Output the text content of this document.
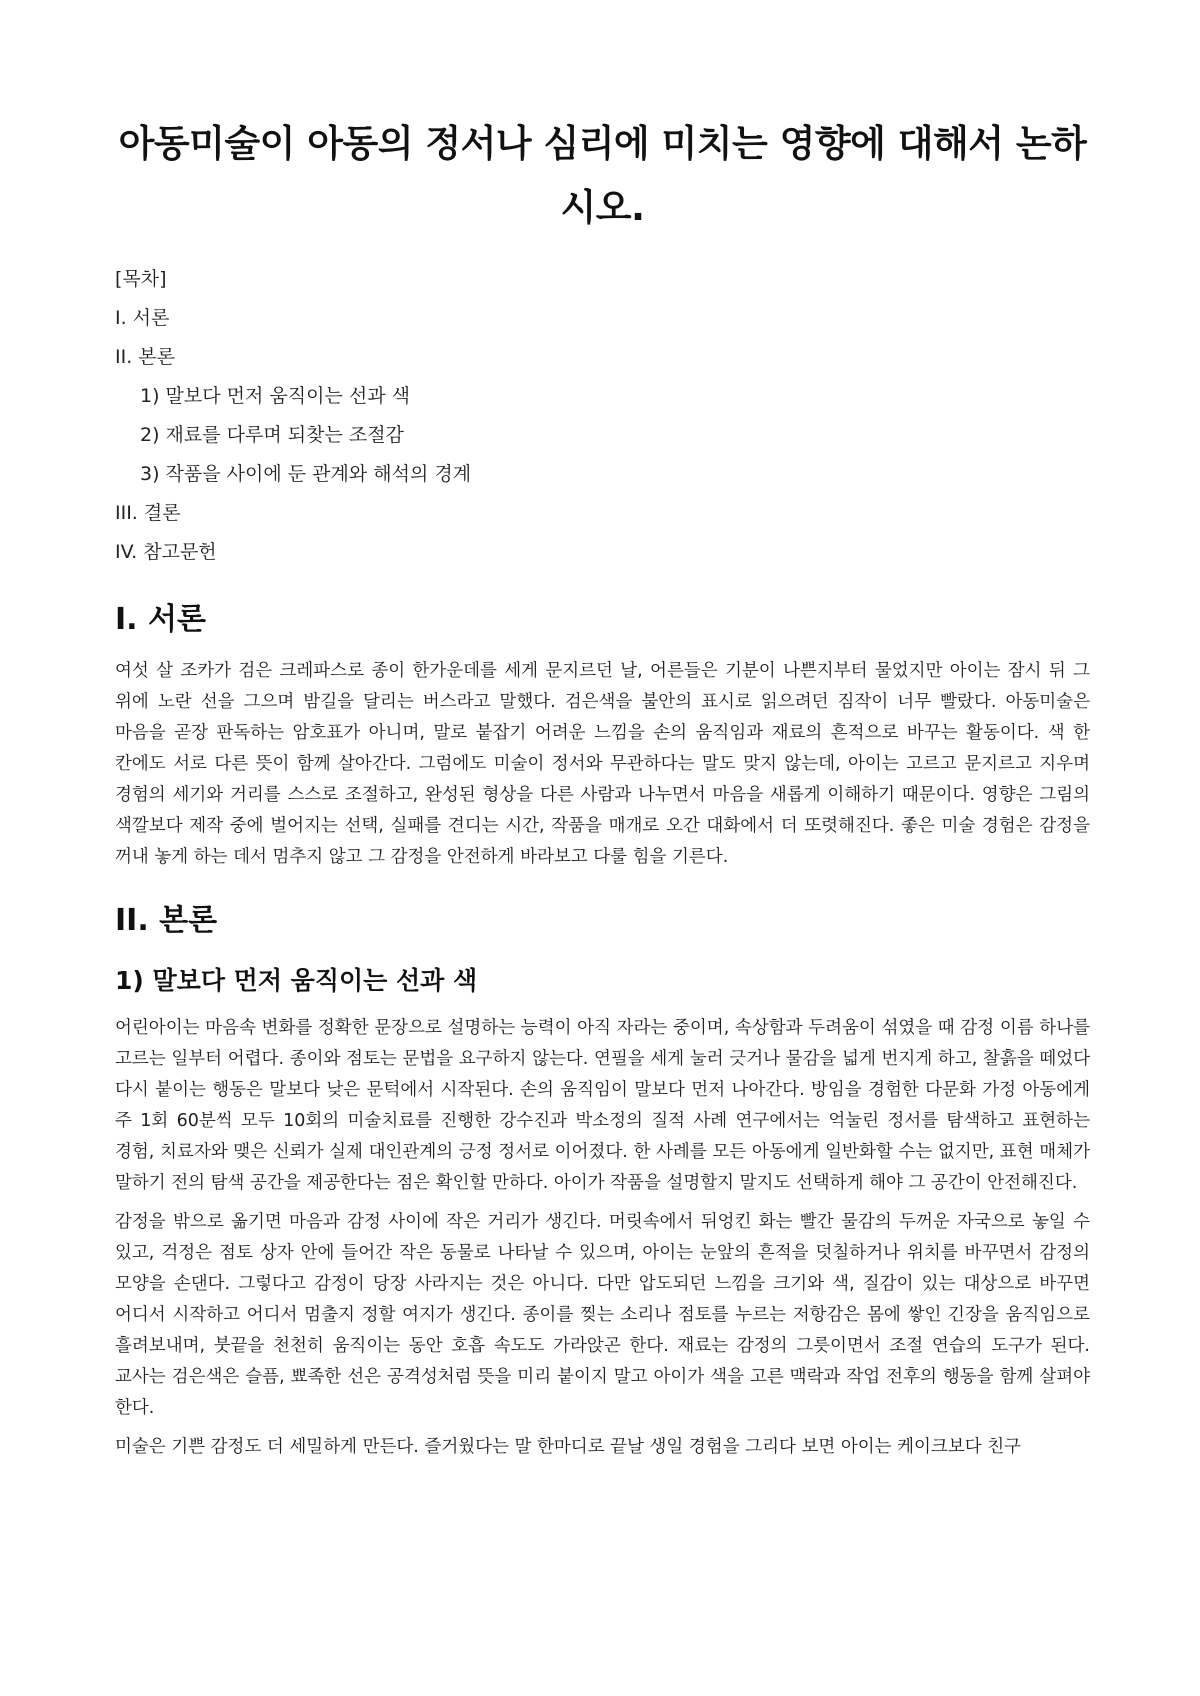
아동미술이 아동의 정서나 심리에 미치는 영향에 대해서 논하시오.

[목차]

I. 서론

II. 본론

1) 말보다 먼저 움직이는 선과 색

2) 재료를 다루며 되찾는 조절감

3) 작품을 사이에 둔 관계와 해석의 경계

III. 결론

IV. 참고문헌

I. 서론

여섯 살 조카가 검은 크레파스로 종이 한가운데를 세게 문지르던 날, 어른들은 기분이 나쁜지부터 물었지만 아이는 잠시 뒤 그 위에 노란 선을 그으며 밤길을 달리는 버스라고 말했다. 검은색을 불안의 표시로 읽으려던 짐작이 너무 빨랐다. 아동미술은 마음을 곧장 판독하는 암호표가 아니며, 말로 붙잡기 어려운 느낌을 손의 움직임과 재료의 흔적으로 바꾸는 활동이다. 색 한 칸에도 서로 다른 뜻이 함께 살아간다. 그럼에도 미술이 정서와 무관하다는 말도 맞지 않는데, 아이는 고르고 문지르고 지우며 경험의 세기와 거리를 스스로 조절하고, 완성된 형상을 다른 사람과 나누면서 마음을 새롭게 이해하기 때문이다. 영향은 그림의 색깔보다 제작 중에 벌어지는 선택, 실패를 견디는 시간, 작품을 매개로 오간 대화에서 더 또렷해진다. 좋은 미술 경험은 감정을 꺼내 놓게 하는 데서 멈추지 않고 그 감정을 안전하게 바라보고 다룰 힘을 기른다.

II. 본론
1) 말보다 먼저 움직이는 선과 색

어린아이는 마음속 변화를 정확한 문장으로 설명하는 능력이 아직 자라는 중이며, 속상함과 두려움이 섞였을 때 감정 이름 하나를 고르는 일부터 어렵다. 종이와 점토는 문법을 요구하지 않는다. 연필을 세게 눌러 긋거나 물감을 넓게 번지게 하고, 찰흙을 떼었다 다시 붙이는 행동은 말보다 낮은 문턱에서 시작된다. 손의 움직임이 말보다 먼저 나아간다. 방임을 경험한 다문화 가정 아동에게 주 1회 60분씩 모두 10회의 미술치료를 진행한 강수진과 박소정의 질적 사례 연구에서는 억눌린 정서를 탐색하고 표현하는 경험, 치료자와 맺은 신뢰가 실제 대인관계의 긍정 정서로 이어졌다. 한 사례를 모든 아동에게 일반화할 수는 없지만, 표현 매체가 말하기 전의 탐색 공간을 제공한다는 점은 확인할 만하다. 아이가 작품을 설명할지 말지도 선택하게 해야 그 공간이 안전해진다.

감정을 밖으로 옮기면 마음과 감정 사이에 작은 거리가 생긴다. 머릿속에서 뒤엉킨 화는 빨간 물감의 두꺼운 자국으로 놓일 수 있고, 걱정은 점토 상자 안에 들어간 작은 동물로 나타날 수 있으며, 아이는 눈앞의 흔적을 덧칠하거나 위치를 바꾸면서 감정의 모양을 손댄다. 그렇다고 감정이 당장 사라지는 것은 아니다. 다만 압도되던 느낌을 크기와 색, 질감이 있는 대상으로 바꾸면 어디서 시작하고 어디서 멈출지 정할 여지가 생긴다. 종이를 찢는 소리나 점토를 누르는 저항감은 몸에 쌓인 긴장을 움직임으로 흘려보내며, 붓끝을 천천히 움직이는 동안 호흡 속도도 가라앉곤 한다. 재료는 감정의 그릇이면서 조절 연습의 도구가 된다. 교사는 검은색은 슬픔, 뾰족한 선은 공격성처럼 뜻을 미리 붙이지 말고 아이가 색을 고른 맥락과 작업 전후의 행동을 함께 살펴야 한다.

미술은 기쁜 감정도 더 세밀하게 만든다. 즐거웠다는 말 한마디로 끝날 생일 경험을 그리다 보면 아이는 케이크보다 친구
